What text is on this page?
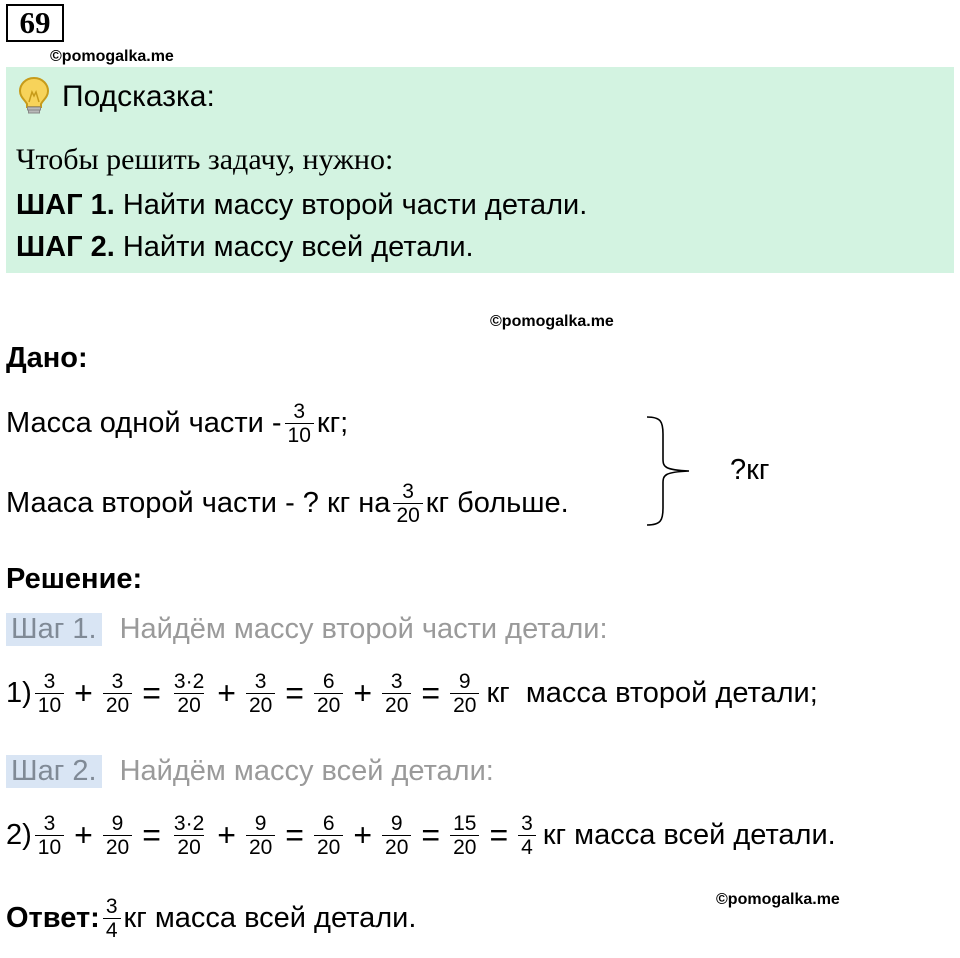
69
©pomogalka.me
Подсказка:
Чтобы решить задачу, нужно:
ШАГ 1. Найти массу второй части детали.
ШАГ 2. Найти массу всей детали.
©pomogalka.me
Дано:
Масса одной части - $\frac{3}{10}$ кг;
Мааса второй части - ? кг на $\frac{3}{20}$ кг больше.
?кг
Решение:
Шаг 1. Найдём массу второй части детали:
$1) \frac{3}{10} + \frac{3}{20} = \frac{3\cdot 2}{20} + \frac{3}{20} = \frac{6}{20} + \frac{3}{20} = \frac{9}{20}$ кг  масса второй детали;
Шаг 2. Найдём массу всей детали:
$2) \frac{3}{10} + \frac{9}{20} = \frac{3\cdot 2}{20} + \frac{9}{20} = \frac{6}{20} + \frac{9}{20} = \frac{15}{20} = \frac{3}{4}$ кг масса всей детали.
©pomogalka.me
Ответ: $\frac{3}{4}$ кг масса всей детали.
